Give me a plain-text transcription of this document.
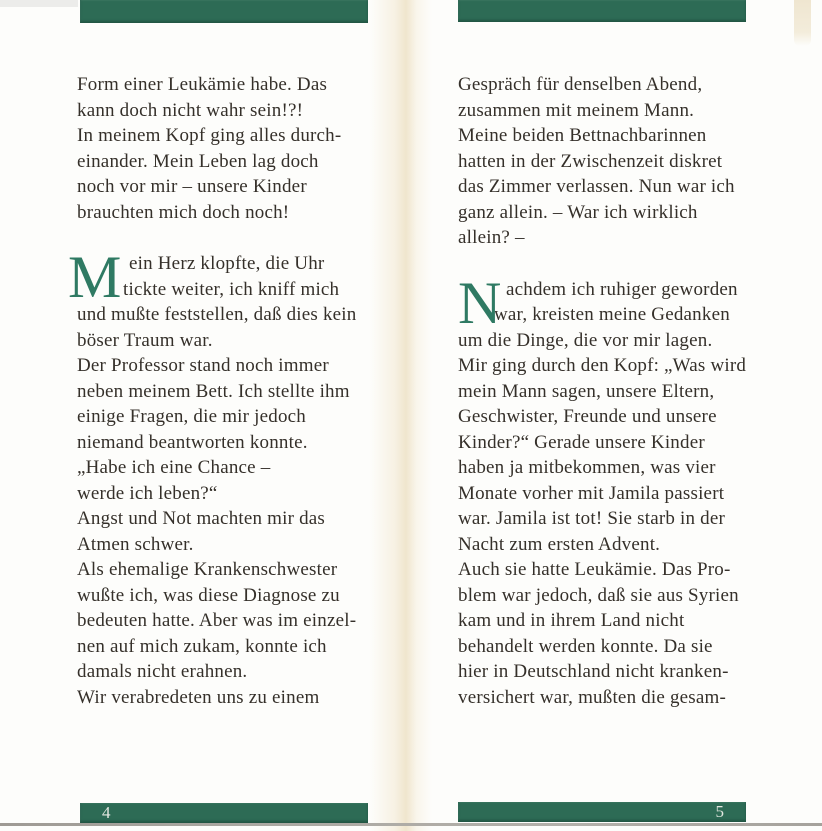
Form einer Leukämie habe. Das
kann doch nicht wahr sein!?!
In meinem Kopf ging alles durch-
einander. Mein Leben lag doch
noch vor mir – unsere Kinder
brauchten mich doch noch!
M ein Herz klopfte, die Uhr
tickte weiter, ich kniff mich
und mußte feststellen, daß dies kein
böser Traum war.
Der Professor stand noch immer
neben meinem Bett. Ich stellte ihm
einige Fragen, die mir jedoch
niemand beantworten konnte.
„Habe ich eine Chance –
werde ich leben?“
Angst und Not machten mir das
Atmen schwer.
Als ehemalige Krankenschwester
wußte ich, was diese Diagnose zu
bedeuten hatte. Aber was im einzel-
nen auf mich zukam, konnte ich
damals nicht erahnen.
Wir verabredeten uns zu einem
Gespräch für denselben Abend,
zusammen mit meinem Mann.
Meine beiden Bettnachbarinnen
hatten in der Zwischenzeit diskret
das Zimmer verlassen. Nun war ich
ganz allein. – War ich wirklich
allein? –
N achdem ich ruhiger geworden
war, kreisten meine Gedanken
um die Dinge, die vor mir lagen.
Mir ging durch den Kopf: „Was wird
mein Mann sagen, unsere Eltern,
Geschwister, Freunde und unsere
Kinder?“ Gerade unsere Kinder
haben ja mitbekommen, was vier
Monate vorher mit Jamila passiert
war. Jamila ist tot! Sie starb in der
Nacht zum ersten Advent.
Auch sie hatte Leukämie. Das Pro-
blem war jedoch, daß sie aus Syrien
kam und in ihrem Land nicht
behandelt werden konnte. Da sie
hier in Deutschland nicht kranken-
versichert war, mußten die gesam-
4	5
